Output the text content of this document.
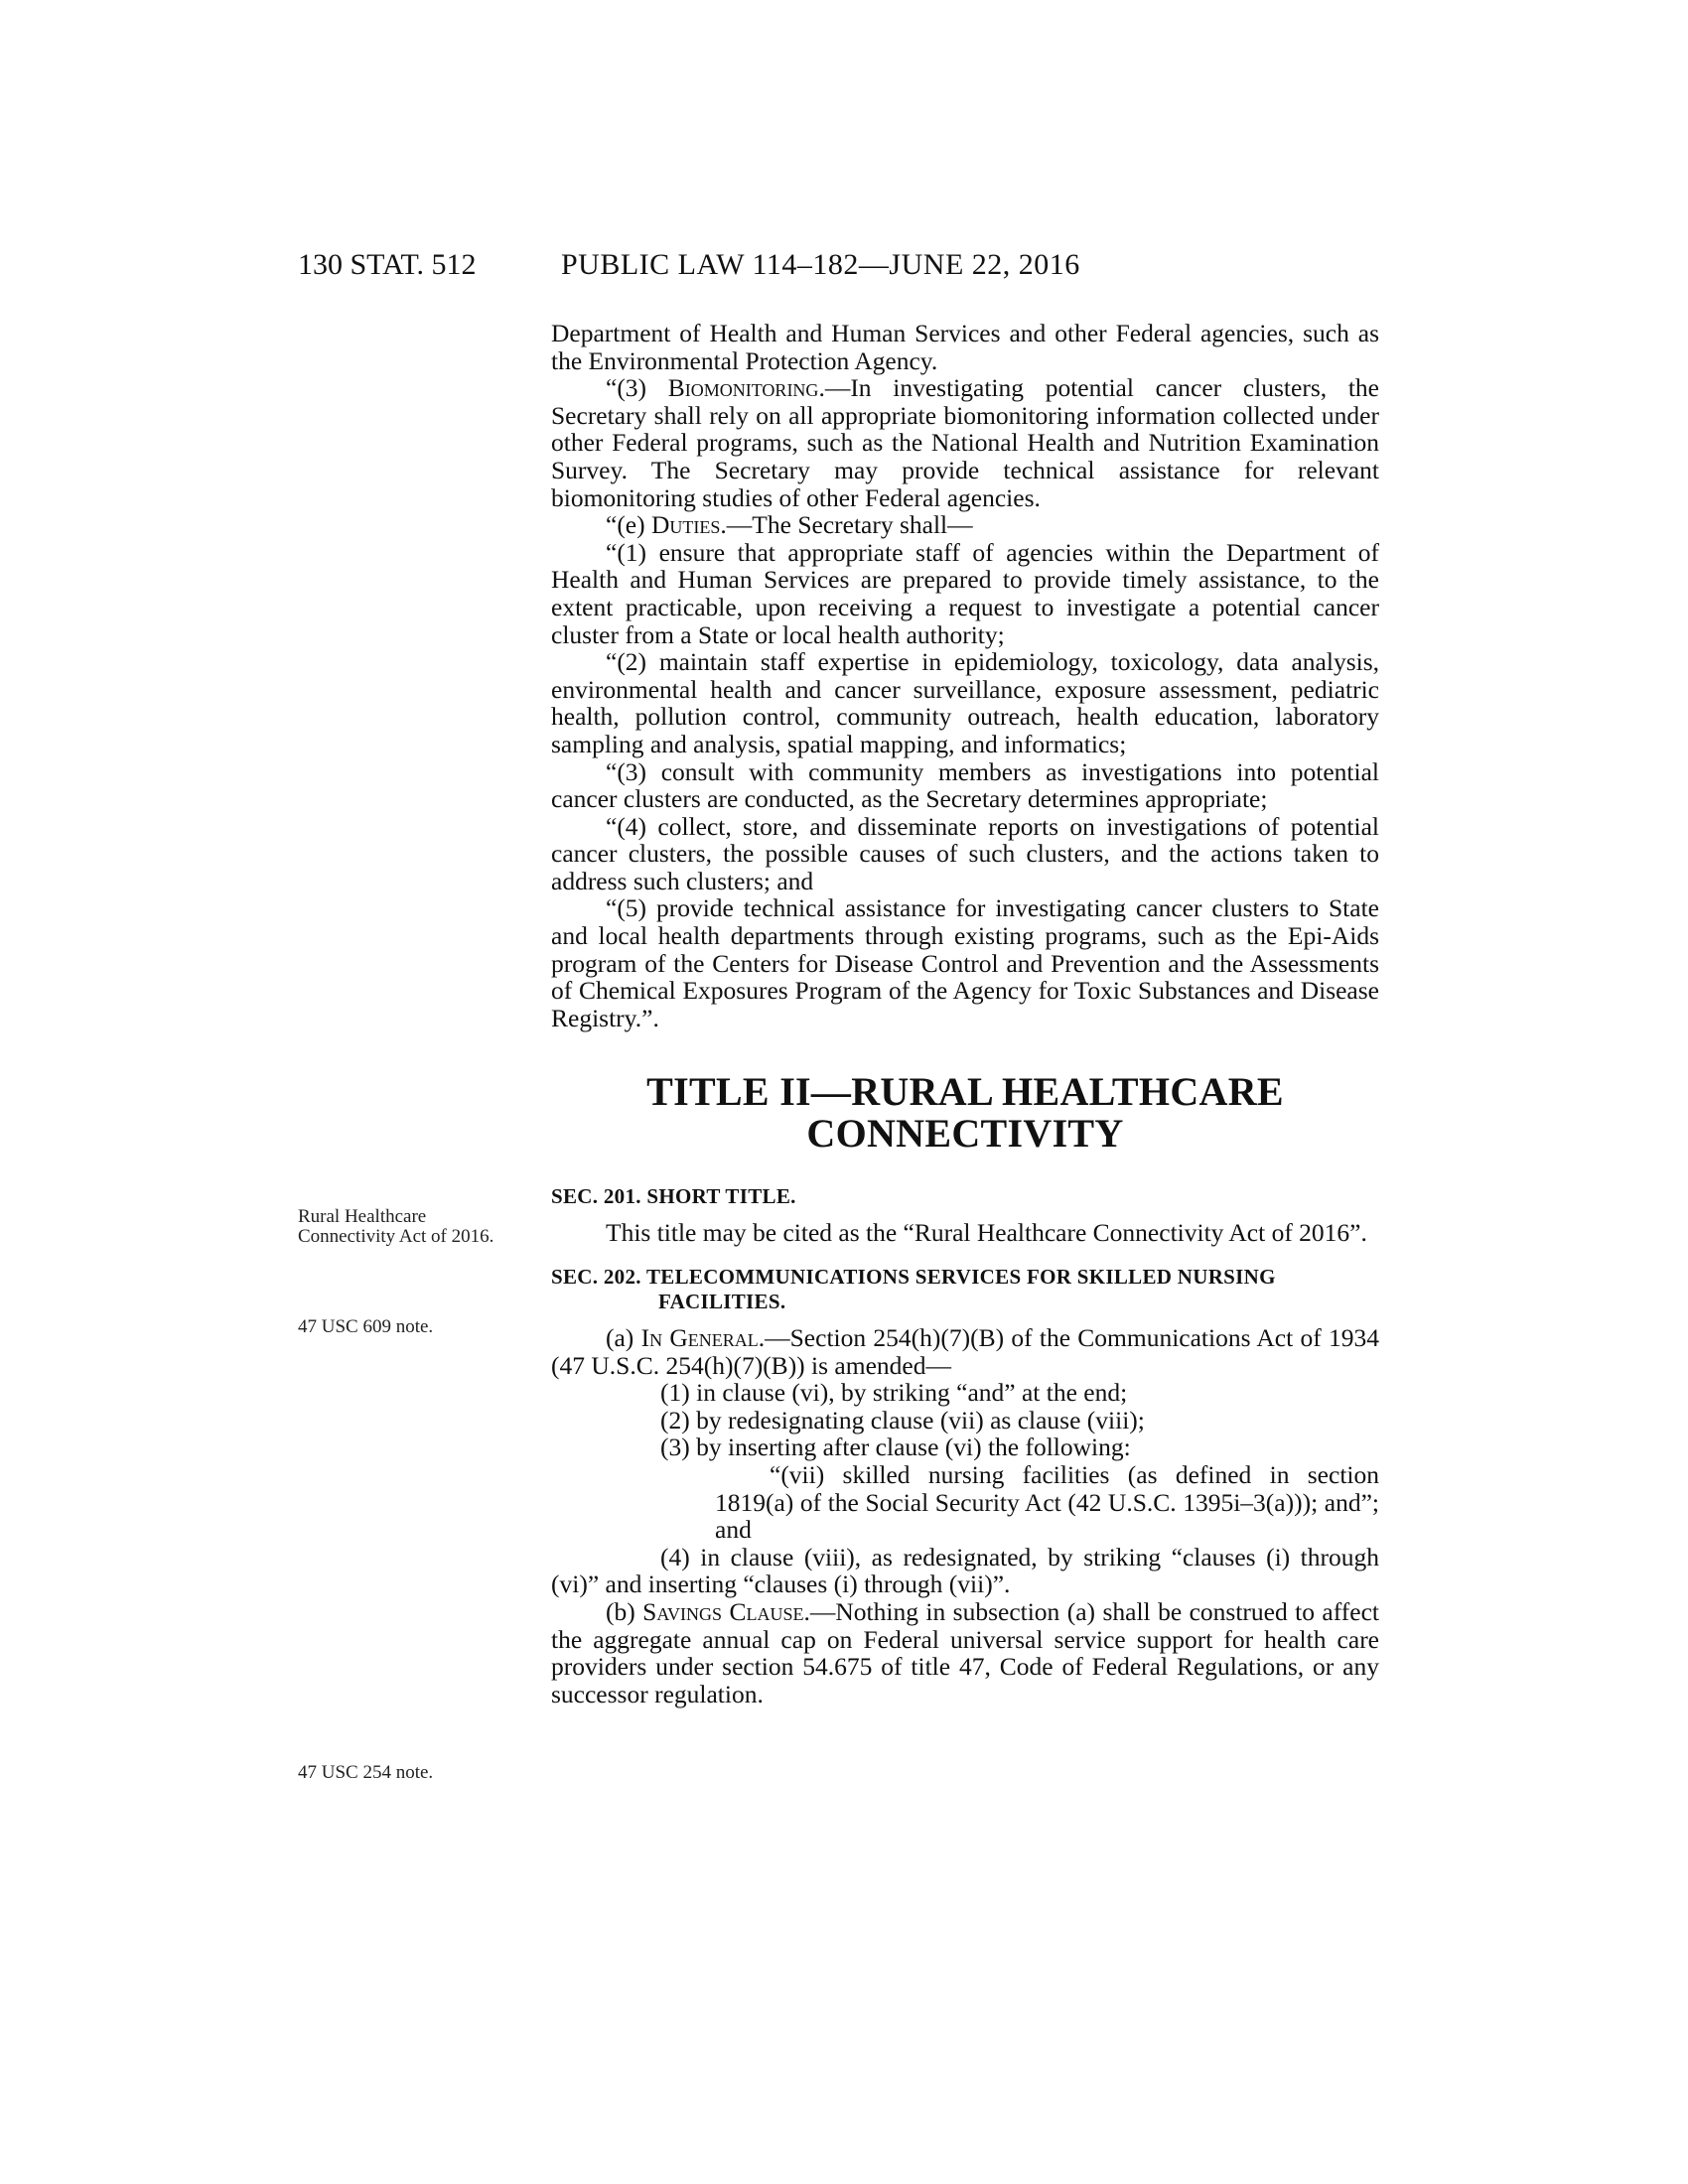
130 STAT. 512	PUBLIC LAW 114–182—JUNE 22, 2016
Rural Healthcare Connectivity Act of 2016.
47 USC 609 note.
47 USC 254 note.

Department of Health and Human Services and other Federal agencies, such as the Environmental Protection Agency.

“(3) Biomonitoring.—In investigating potential cancer clusters, the Secretary shall rely on all appropriate biomonitoring information collected under other Federal programs, such as the National Health and Nutrition Examination Survey. The Secretary may provide technical assistance for relevant biomonitoring studies of other Federal agencies.

“(e) Duties.—The Secretary shall—

“(1) ensure that appropriate staff of agencies within the Department of Health and Human Services are prepared to provide timely assistance, to the extent practicable, upon receiving a request to investigate a potential cancer cluster from a State or local health authority;

“(2) maintain staff expertise in epidemiology, toxicology, data analysis, environmental health and cancer surveillance, exposure assessment, pediatric health, pollution control, community outreach, health education, laboratory sampling and analysis, spatial mapping, and informatics;

“(3) consult with community members as investigations into potential cancer clusters are conducted, as the Secretary determines appropriate;

“(4) collect, store, and disseminate reports on investigations of potential cancer clusters, the possible causes of such clusters, and the actions taken to address such clusters; and

“(5) provide technical assistance for investigating cancer clusters to State and local health departments through existing programs, such as the Epi-Aids program of the Centers for Disease Control and Prevention and the Assessments of Chemical Exposures Program of the Agency for Toxic Substances and Disease Registry.”.

TITLE II—RURAL HEALTHCARE
CONNECTIVITY

SEC. 201. SHORT TITLE.

This title may be cited as the “Rural Healthcare Connectivity Act of 2016”.

SEC. 202. TELECOMMUNICATIONS SERVICES FOR SKILLED NURSING
FACILITIES.

(a) In General.—Section 254(h)(7)(B) of the Communications Act of 1934 (47 U.S.C. 254(h)(7)(B)) is amended—

(1) in clause (vi), by striking “and” at the end;

(2) by redesignating clause (vii) as clause (viii);

(3) by inserting after clause (vi) the following:

“(vii) skilled nursing facilities (as defined in section 1819(a) of the Social Security Act (42 U.S.C. 1395i–3(a))); and”; and

(4) in clause (viii), as redesignated, by striking “clauses (i) through (vi)” and inserting “clauses (i) through (vii)”.

(b) Savings Clause.—Nothing in subsection (a) shall be construed to affect the aggregate annual cap on Federal universal service support for health care providers under section 54.675 of title 47, Code of Federal Regulations, or any successor regulation.
